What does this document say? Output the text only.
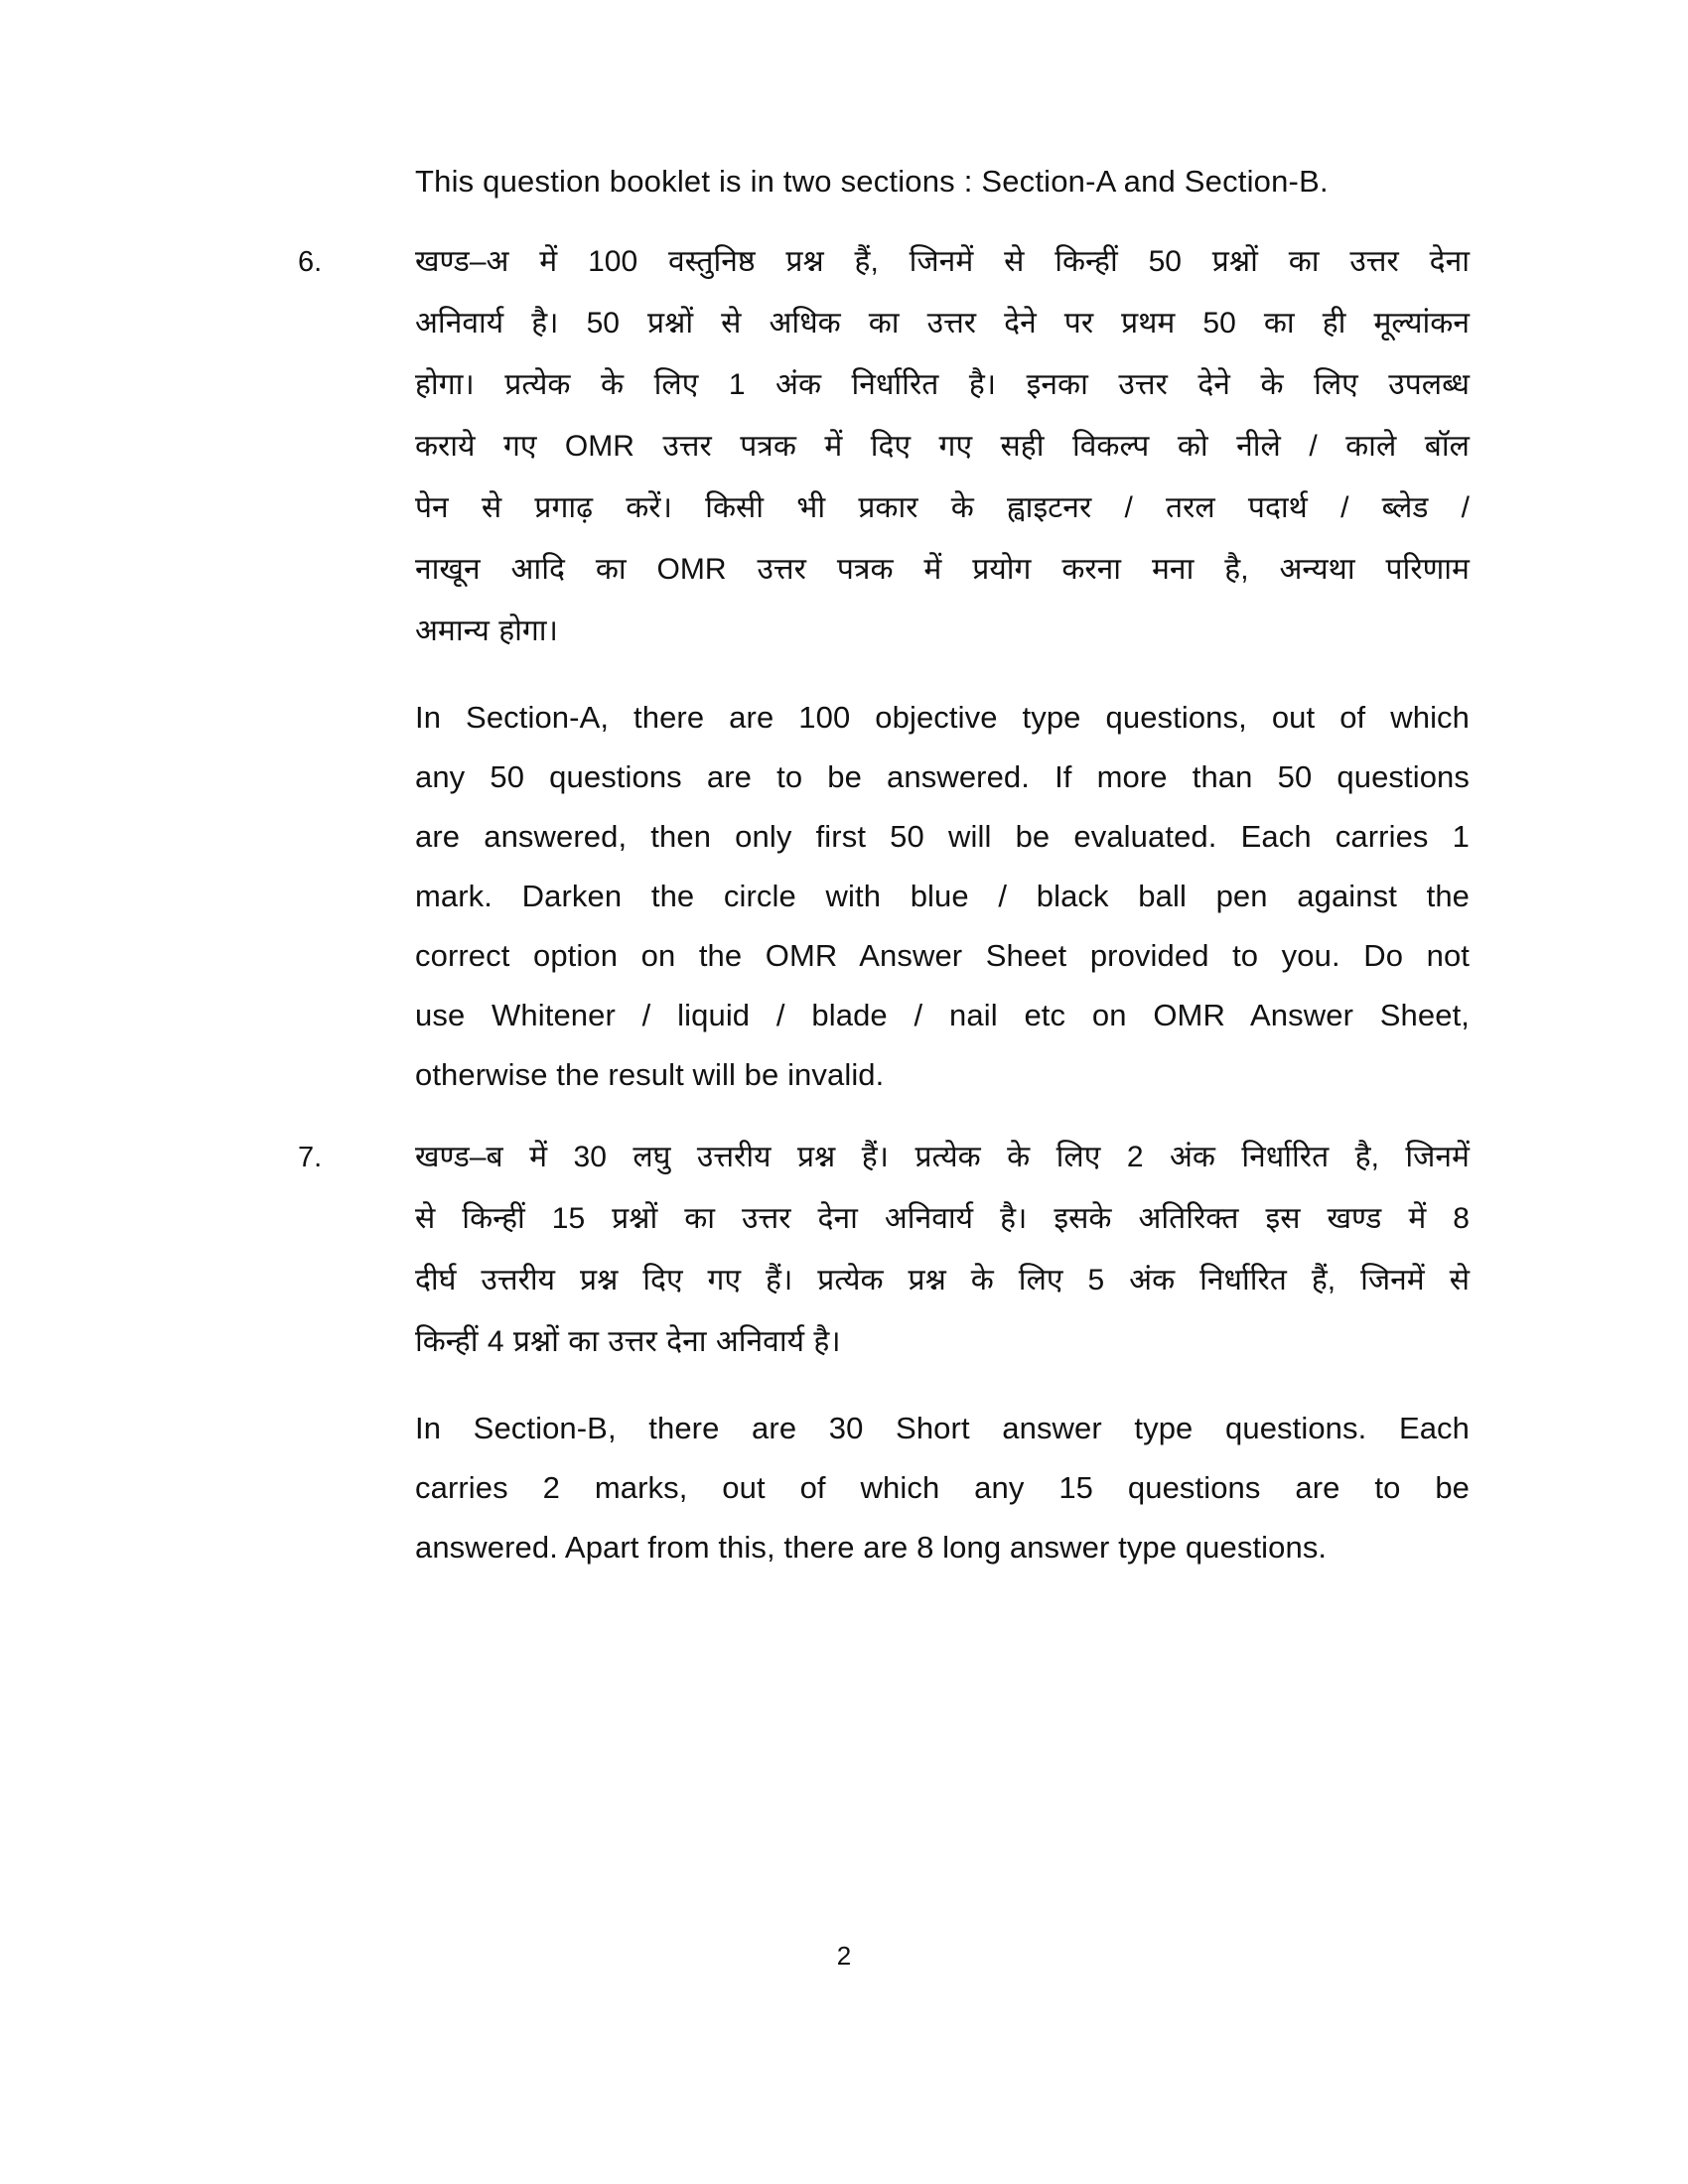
This question booklet is in two sections : Section-A and Section-B.

6.	खण्ड–अ में 100 वस्तुनिष्ठ प्रश्न हैं, जिनमें से किन्हीं 50 प्रश्नों का उत्तर देना
अनिवार्य है। 50 प्रश्नों से अधिक का उत्तर देने पर प्रथम 50 का ही मूल्यांकन
होगा। प्रत्येक के लिए 1 अंक निर्धारित है। इनका उत्तर देने के लिए उपलब्ध
कराये गए OMR उत्तर पत्रक में दिए गए सही विकल्प को नीले / काले बॉल
पेन से प्रगाढ़ करें। किसी भी प्रकार के ह्वाइटनर / तरल पदार्थ / ब्लेड /
नाखून आदि का OMR उत्तर पत्रक में प्रयोग करना मना है, अन्यथा परिणाम
अमान्य होगा।
In Section-A, there are 100 objective type questions, out of which
any 50 questions are to be answered. If more than 50 questions
are answered, then only first 50 will be evaluated. Each carries 1
mark. Darken the circle with blue / black ball pen against the
correct option on the OMR Answer Sheet provided to you. Do not
use Whitener / liquid / blade / nail etc on OMR Answer Sheet,
otherwise the result will be invalid.
7.	खण्ड–ब में 30 लघु उत्तरीय प्रश्न हैं। प्रत्येक के लिए 2 अंक निर्धारित है, जिनमें
से किन्हीं 15 प्रश्नों का उत्तर देना अनिवार्य है। इसके अतिरिक्त इस खण्ड में 8
दीर्घ उत्तरीय प्रश्न दिए गए हैं। प्रत्येक प्रश्न के लिए 5 अंक निर्धारित हैं, जिनमें से
किन्हीं 4 प्रश्नों का उत्तर देना अनिवार्य है।
In Section-B, there are 30 Short answer type questions. Each
carries 2 marks, out of which any 15 questions are to be
answered. Apart from this, there are 8 long answer type questions.
2
